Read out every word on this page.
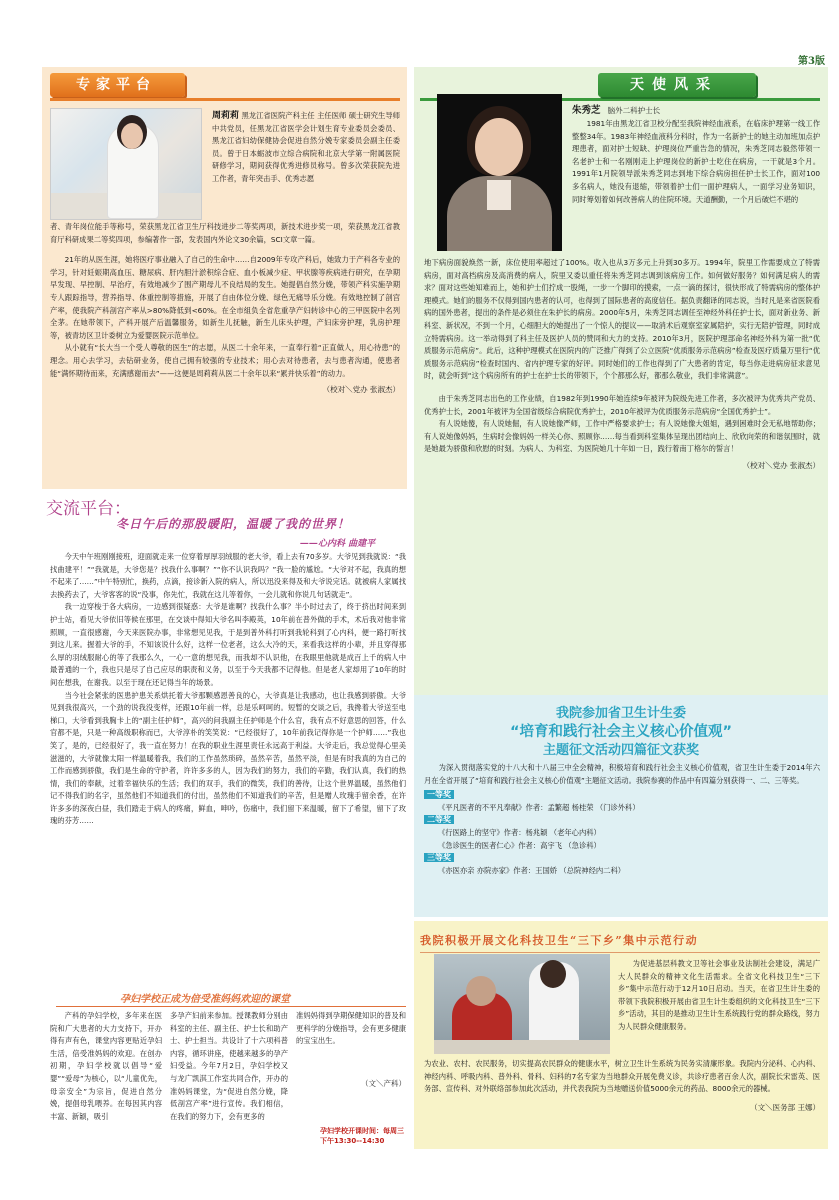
第3版
专家平台

周莉莉 黑龙江省医院产科主任 主任医师 硕士研究生导师 中共党员，任黑龙江省医学会计划生育专业委员会委员、黑龙江省妇幼保健协会促进自然分娩专家委员会副主任委员。曾于日本蛎波市立综合病院和北京大学第一附属医院研修学习，期间获得优秀进修员称号。曾多次荣获院先进工作者，青年突击手、优秀志愿

者、青年岗位能手等称号，荣获黑龙江省卫生厅科技进步二等奖两项，新技术进步奖一项，荣获黑龙江省教育厅科研成果二等奖四项，参编著作一部，发表国内外论文30余篇，SCI文章一篇。

21年的从医生涯，她将医疗事业融入了自己的生命中……自2009年专攻产科后，她致力于产科各专业的学习，针对妊娠期高血压、糖尿病、肝内胆汁淤积综合症、血小板减少症、甲状腺等疾病进行研究，在孕期早发现、早控制、早治疗，有效地减少了围产期母儿不良结局的发生。她提倡自然分娩，带领产科实施孕期专人跟踪指导，营养指导、体重控制等措施，开展了自由体位分娩、绿色无痛导乐分娩。有效地控制了剖宫产率，使我院产科剖宫产率从>80%降低到<60%。在全市組负全省危重孕产妇转诊中心的三甲医院中名列全茅。在她带领下，产科开展产后温馨服务，如新生儿抚触，新生儿床头护理，产妇床旁护理，乳房护理等，被青坊区卫计委树立为爱婴医院示范单位。

从小就有“长大当一个受人尊敬的医生”的志愿，从医二十余年来，一直奉行着“正直做人，用心待患”的理念。用心去学习，去钻研业务，使自己拥有较强的专业技术；用心去对待患者，去与患者沟通，使患者能“满怀期待而来，充满感谢而去”——这便是周莉莉从医二十余年以来“累并快乐着”的动力。

（校对＼党办 张淑杰）
交流平台：
冬日午后的那股暖阳，温暖了我的世界！
——心内科 曲建平

今天中午班刚刚接班，迎面就走来一位穿着厚厚羽绒服的老大爷，看上去有70多岁。大爷见到我就说：“我找曲建平！”“我就是，大爷您是？找我什么事啊？”“你不认识我吗？”我一脸的尴尬。“大爷对不起，我真的想不起来了……”中午特别忙，换药，点滴，接诊新入院的病人，所以迅没来得及和大爷说完话。就被病人家属找去换药去了，大爷客客的说“没事，你先忙，我就在这儿等着你，一会儿就和你说几句话就走”。

我一边穿梭于各大病房，一边感到很疑惑：大爷是谁啊？找我什么事？半小时过去了，终于挤出时间来到护士站，看见大爷依旧等候在那里，在交谈中得知大爷名叫李殿英，10年前在普外做的手术，术后我对他非常照顾，一直很感谢，今天来医院办事，非常想见见我，于是到普外科打听到我轮科到了心内科，便一路打听找到这儿来。握着大爷的手，不知该说什么好，这样一位老者，这么大冷的天，来看我这样的小辈，并且穿得那么厚的羽绒服耐心的等了我那么久，一心一意的想见我，而我却不认识他，在我眼里他就是成百上千的病人中最普通的一个，我也只是尽了自己应尽的职责和义务，以至于今天我都不记得他。但是老人家却用了10年的时间在想我，在谢我。以至于现在还记得当年的场景。

当今社会紧张的医患护患关系烘托着大爷那颗感恩善良的心，大爷真是让我感动，也让我感到骄傲。大爷见到我很高兴，一个劲的说我没变样，还跟10年前一样，总是乐呵呵的。短暂的交谈之后，我搀着大爷送至电梯口，大爷看到我胸卡上的“副主任护师”，高兴的问我副主任护师是个什么官，我有点不好意思的回答，什么官都不是，只是一种高级职称而已，大爷淳朴的笑笑说：“已经很好了，10年前我记得你是一个护师……”我也笑了，是的，已经很好了，我一直在努力！在我的职业生涯里责任永远高于利益。大爷走后，我总觉得心里美滋滋的，大爷就像太阳一样温暖着我，我们的工作虽然琐碎，虽然辛苦，虽然平淡，但是有时我真的为自己的工作而感到骄傲，我们是生命的守护者，许许多多的人，因为我们的努力，我们的辛勤，我们认真，我们的热情，我们的奉献，过着幸福快乐的生活；我们的双手，我们的微笑，我们的善待，让这个世界温暖，虽然他们记不得我们的名字，虽然他们不知道我们的付出，虽然他们不知道我们的辛苦，但是赠人玫瑰手留余香，在许许多多的深夜白昼，我们踏走于病人的疼痛，鲜血，呻吟，伤痛中，我们留下来温暖，留下了希望，留下了玫瑰的芬芳……

孕妇学校正成为倍受准妈妈欢迎的课堂

产科的孕妇学校，多年来在医院和广大患者的大力支持下，开办得有声有色，课堂内容更贴近孕妇生活，倍受准妈妈的欢迎。在创办初期，孕妇学校就以倡导“爱婴”“爱母”为核心，以“儿童优先，母亲安全”为宗旨，促进自然分娩，提倡母乳喂养。在每因其内容丰富、新颖，吸引

多孕产妇前来参加。授课教师分别由科室的主任、副主任、护士长和助产士、护士担当。共设计了十六项科普内容，循环讲座，使越来越多的孕产妇受益。今年7月2日，孕妇学校又与龙广凯淇工作室共同合作，开办的准妈妈课堂，为“促进自然分娩，降低剖宫产率”进行宣传。我们相信，在我们的努力下，会有更多的

准妈妈得到孕期保健知识的普及和更科学的分娩指导，会有更多健康的宝宝出生。

（文＼产科）
孕妇学校开课时间：每周三
下午13:30--14:30
天使风采
朱秀芝 脑外二科护士长

1981年由黑龙江省卫校分配至我院神经血液系，在临床护理第一线工作整整34年。1983年神经血液科分科时，作为一名新护士的她主动加班加点护理患者，面对护士短缺、护理岗位严重告急的情况，朱秀芝同志毅然带领一名老护士和一名刚刚走上护理岗位的新护士吃住在病房，一干就是3个月。1991年1月院领导派朱秀芝同志到地下综合病房担任护士长工作，面对100多名病人，她没有退缩，带领着护士们一面护理病人，一面学习业务知识，同时筹划着如何改善病人的住院环境。天道酬勤，一个月后破烂不堪的

地下病房面貌焕然一新，床位使用率超过了100%。收入也从3万多元上升到30多万。1994年，院里工作需要成立了特需病房，面对高档病房及高消费的病人，院里又委以重任将朱秀芝同志调到该病房工作。如何做好服务？如何满足病人的需求？面对这些她知难而上，她和护士们拧成一股绳，一步一个脚印的摸索，一点一滴的探讨，很快形成了特需病房的整体护理模式。她们的服务不仅得到国内患者的认可，也得到了国际患者的高度信任。据负责翻译的同志说，当时凡是来省医院看病的国外患者，提出的条件是必须住在朱护长的病房。2000年5月，朱秀芝同志调任至神经外科任护士长，面对新业务、新科室、新状况，不到一个月，心细胆大的她提出了一个惊人的提议——取消术后观察室家属陪护，实行无陪护管理，同时成立特需病房。这一举动得到了科主任及医护人员的赞同和大力的支持。2010年3月，医院护理部命名神经外科为第一批“优质服务示范病房”。此后，这种护理模式在医院内的广泛推广得到了公立医院“优质服务示范病房”检查及医疗质量万里行“优质服务示范病房”检查时国内、省内护理专家的好评。同时她们的工作也得到了广大患者的肯定，每当你走进病房征求意见时，就会听到“这个病房所有的护士在护士长的带领下，个个都那么好，都那么敬业，我们非常满意”。

由于朱秀芝同志出色的工作业绩，自1982年到1990年她连续9年被评为院级先进工作者，多次被评为优秀共产党员、优秀护士长，2001年被评为全国省级综合病院优秀护士，2010年被评为优质服务示范病房“全国优秀护士”。

有人说她傻，有人说她倔，有人说她像严师，工作中严格要求护士；有人说她像大姐姐，遇到困难时会无私地帮助你；有人说她像妈妈，生病时会像妈妈一样关心你、照顾你……每当看到科室集体呈现出团结向上、欣欣向荣的和谐氛围时，就是她最为骄傲和欣慰的时刻。为病人、为科室、为医院她几十年如一日，践行着南丁格尔的誓言！

（校对＼党办 张淑杰）
我院参加省卫生计生委
“培育和践行社会主义核心价值观”
主题征文活动四篇征文获奖

为深入贯彻落实党的十八大和十八届三中全会精神，积极培育和践行社会主义核心价值观，省卫生计生委于2014年六月在全省开展了“培育和践行社会主义核心价值观”主题征文活动。我院参赛的作品中有四篇分别获得一、二、三等奖。

一等奖
《平凡医者的不平凡奉献》作者：孟繁超 杨桂荣 （门诊外科）
二等奖
《行医路上的坚守》作者：杨兆颖 （老年心内科）
《急诊医生的医者仁心》作者：高宇飞 （急诊科）
三等奖
《亦医亦亲 亦院亦家》作者：王国娇 （总院神经内二科）
我院积极开展文化科技卫生“三下乡”集中示范行动

为促进基层科教文卫等社会事业及法制社会建设，满足广大人民群众的精神文化生活需求。全省文化科技卫生“三下乡”集中示范行动于12月10日启动。当天，在省卫生计生委的带领下我院积极开展由省卫生计生委组织的文化科技卫生“三下乡”活动，其目的是推动卫生计生系统践行党的群众路线，努力为人民群众健康服务。

为农业、农村、农民服务，切实提高农民群众的健康水平，树立卫生计生系统为民务实清廉形象。我院内分泌科、心内科、神经内科、呼吸内科、普外科、骨科、妇科的7名专家为当地群众开展免费义诊，共诊疗患者百余人次，副院长宋雷英、医务部、宣传科、对外联络部参加此次活动，并代表我院为当地赠送价值5000余元的药品、8000余元的器械。

（文＼医务部 王娜）
